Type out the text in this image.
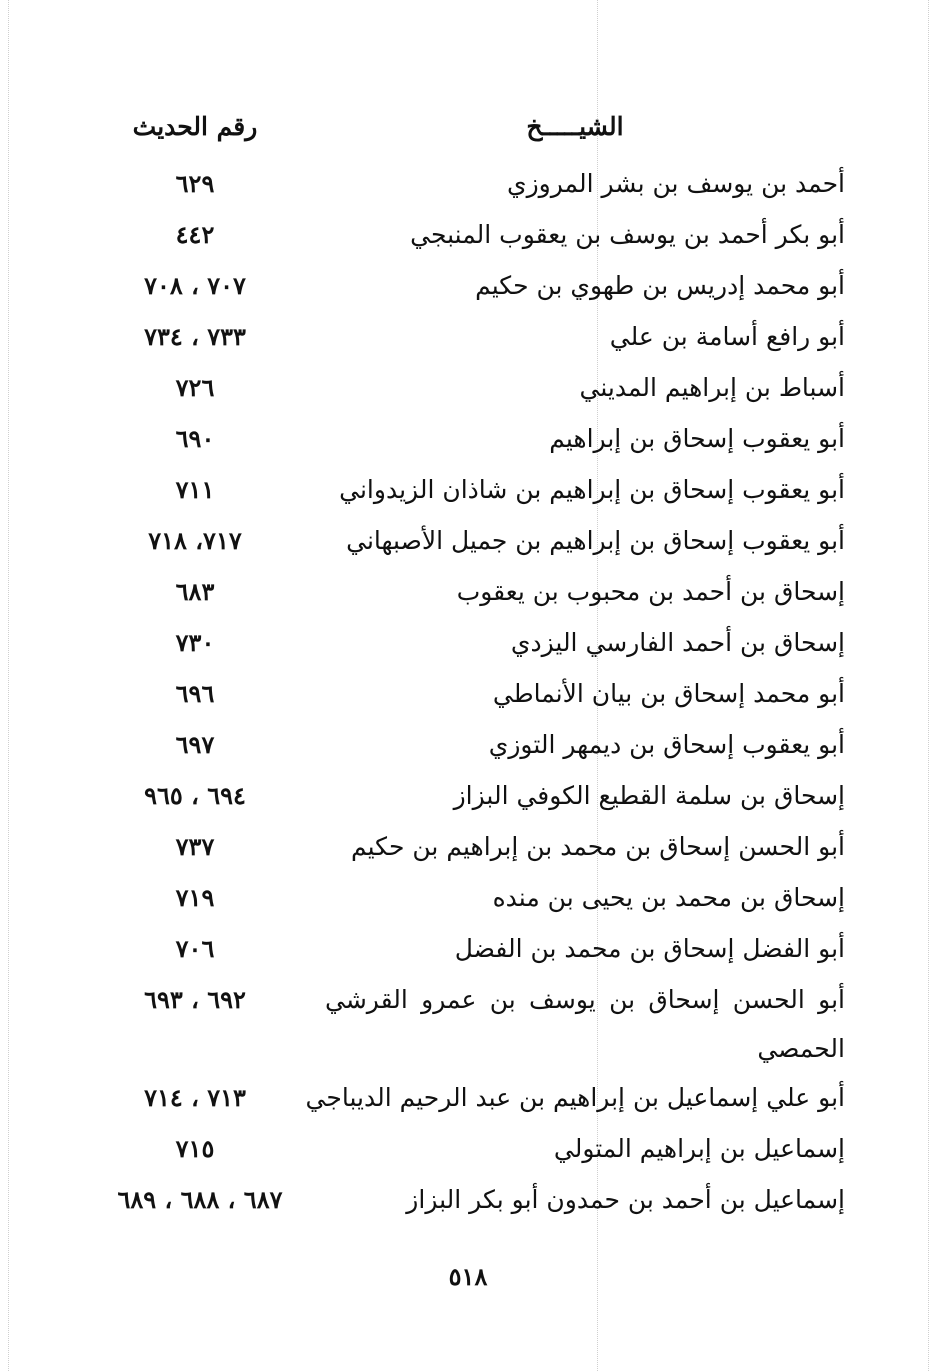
الشيـــــخ
رقم الحديث
أحمد بن يوسف بن بشر المروزي
٦٢٩
أبو بكر أحمد بن يوسف بن يعقوب المنبجي
٤٤٢
أبو محمد إدريس بن طهوي بن حكيم
٧٠٧ ، ٧٠٨
أبو رافع أسامة بن علي
٧٣٣ ، ٧٣٤
أسباط بن إبراهيم المديني
٧٢٦
أبو يعقوب إسحاق بن إبراهيم
٦٩٠
أبو يعقوب إسحاق بن إبراهيم بن شاذان الزيدواني
٧١١
أبو يعقوب إسحاق بن إبراهيم بن جميل الأصبهاني
٧١٧، ٧١٨
إسحاق بن أحمد بن محبوب بن يعقوب
٦٨٣
إسحاق بن أحمد الفارسي اليزدي
٧٣٠
أبو محمد إسحاق بن بيان الأنماطي
٦٩٦
أبو يعقوب إسحاق بن ديمهر التوزي
٦٩٧
إسحاق بن سلمة القطيع الكوفي البزاز
٦٩٤ ، ٩٦٥
أبو الحسن إسحاق بن محمد بن إبراهيم بن حكيم
٧٣٧
إسحاق بن محمد بن يحيى بن منده
٧١٩
أبو الفضل إسحاق بن محمد بن الفضل
٧٠٦
أبو الحسن إسحاق بن يوسف بن عمرو القرشي
٦٩٢ ، ٦٩٣
الحمصي
أبو علي إسماعيل بن إبراهيم بن عبد الرحيم الديباجي
٧١٣ ، ٧١٤
إسماعيل بن إبراهيم المتولي
٧١٥
إسماعيل بن أحمد بن حمدون أبو بكر البزاز
٦٨٧ ، ٦٨٨ ، ٦٨٩
٥١٨
